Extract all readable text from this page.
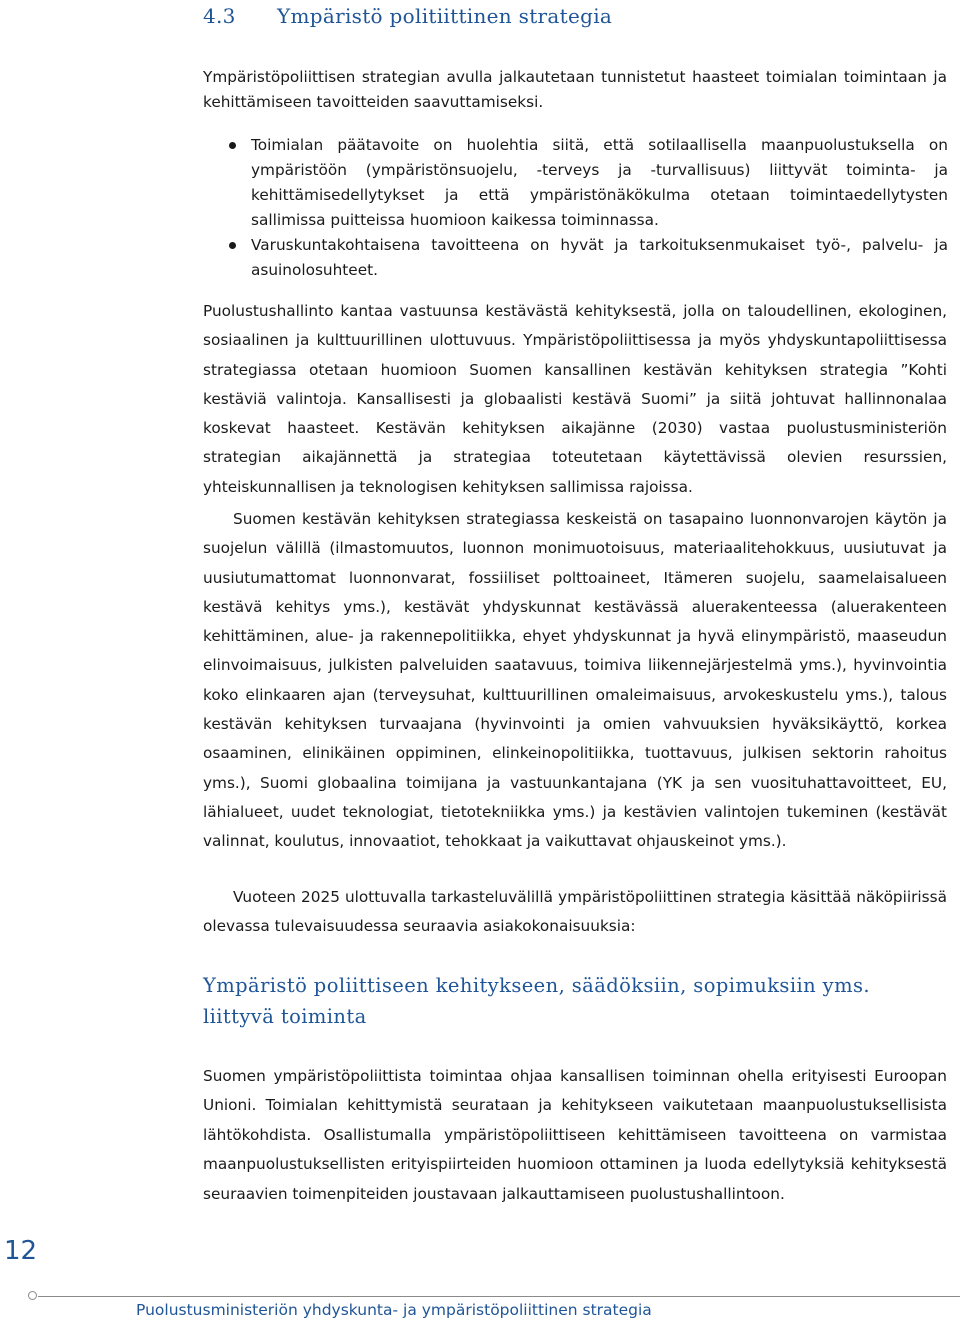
4.3 Ympäristö politiittinen strategia

Ympäristöpoliittisen strategian avulla jalkautetaan tunnistetut haasteet toimialan toimintaan ja kehittämiseen tavoitteiden saavuttamiseksi.

Toimialan päätavoite on huolehtia siitä, että sotilaallisella maanpuolustuksella on ympäristöön (ympäristönsuojelu, -terveys ja -turvallisuus) liittyvät toiminta- ja kehittämisedellytykset ja että ympäristönäkökulma otetaan toimintaedellytysten sallimissa puitteissa huomioon kaikessa toiminnassa.
Varuskuntakohtaisena tavoitteena on hyvät ja tarkoituksenmukaiset työ-, palvelu- ja asuinolosuhteet.

Puolustushallinto kantaa vastuunsa kestävästä kehityksestä, jolla on taloudellinen, ekologinen, sosiaalinen ja kulttuurillinen ulottuvuus. Ympäristöpoliittisessa ja myös yhdyskuntapoliittisessa strategiassa otetaan huomioon Suomen kansallinen kestävän kehityksen strategia ”Kohti kestäviä valintoja. Kansallisesti ja globaalisti kestävä Suomi” ja siitä johtuvat hallinnonalaa koskevat haasteet. Kestävän kehityksen aikajänne (2030) vastaa puolustusministeriön strategian aikajännettä ja strategiaa toteutetaan käytettävissä olevien resurssien, yhteiskunnallisen ja teknologisen kehityksen sallimissa rajoissa.

Suomen kestävän kehityksen strategiassa keskeistä on tasapaino luonnonvarojen käytön ja suojelun välillä (ilmastomuutos, luonnon monimuotoisuus, materiaalitehokkuus, uusiutuvat ja uusiutumattomat luonnonvarat, fossiiliset polttoaineet, Itämeren suojelu, saamelaisalueen kestävä kehitys yms.), kestävät yhdyskunnat kestävässä aluerakenteessa (aluerakenteen kehittäminen, alue- ja rakennepolitiikka, ehyet yhdyskunnat ja hyvä elinympäristö, maaseudun elinvoimaisuus, julkisten palveluiden saatavuus, toimiva liikennejärjestelmä yms.), hyvinvointia koko elinkaaren ajan (terveysuhat, kulttuurillinen omaleimaisuus, arvokeskustelu yms.), talous kestävän kehityksen turvaajana (hyvinvointi ja omien vahvuuksien hyväksikäyttö, korkea osaaminen, elinikäinen oppiminen, elinkeinopolitiikka, tuottavuus, julkisen sektorin rahoitus yms.), Suomi globaalina toimijana ja vastuunkantajana (YK ja sen vuosituhattavoitteet, EU, lähialueet, uudet teknologiat, tietotekniikka yms.) ja kestävien valintojen tukeminen (kestävät valinnat, koulutus, innovaatiot, tehokkaat ja vaikuttavat ohjauskeinot yms.).

Vuoteen 2025 ulottuvalla tarkasteluvälillä ympäristöpoliittinen strategia käsittää näköpiirissä olevassa tulevaisuudessa seuraavia asiakokonaisuuksia:

Ympäristö poliittiseen kehitykseen, säädöksiin, sopimuksiin yms. liittyvä toiminta

Suomen ympäristöpoliittista toimintaa ohjaa kansallisen toiminnan ohella erityisesti Euroopan Unioni. Toimialan kehittymistä seurataan ja kehitykseen vaikutetaan maanpuolustuksellisista lähtökohdista. Osallistumalla ympäristöpoliittiseen kehittämiseen tavoitteena on varmistaa maanpuolustuksellisten erityispiirteiden huomioon ottaminen ja luoda edellytyksiä kehityksestä seuraavien toimenpiteiden joustavaan jalkauttamiseen puolustushallintoon.

12
Puolustusministeriön yhdyskunta- ja ympäristöpoliittinen strategia
